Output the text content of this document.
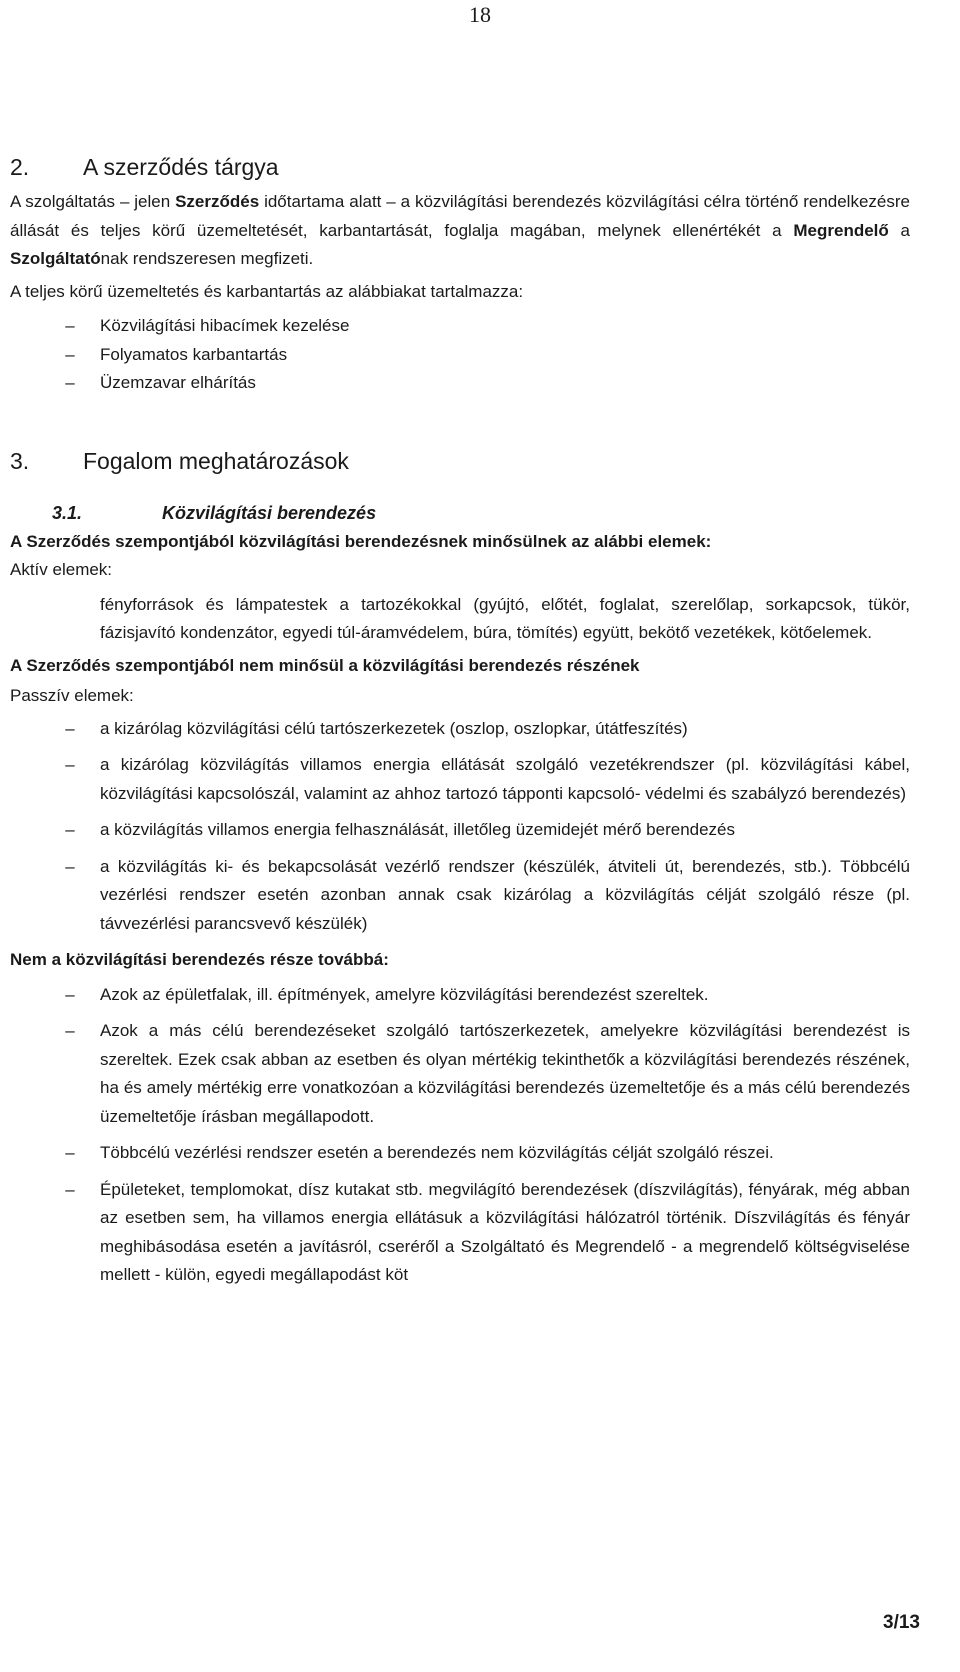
18
2.	A szerződés tárgya

A szolgáltatás – jelen Szerződés időtartama alatt – a közvilágítási berendezés közvilágítási célra történő rendelkezésre állását és teljes körű üzemeltetését, karbantartását, foglalja magában, melynek ellenértékét a Megrendelő a Szolgáltatónak rendszeresen megfizeti.

A teljes körű üzemeltetés és karbantartás az alábbiakat tartalmazza:

–	Közvilágítási hibacímek kezelése
–	Folyamatos karbantartás
–	Üzemzavar elhárítás
3.	Fogalom meghatározások
3.1.	Közvilágítási berendezés

A Szerződés szempontjából közvilágítási berendezésnek minősülnek az alábbi elemek:

Aktív elemek:

fényforrások és lámpatestek a tartozékokkal (gyújtó, előtét, foglalat, szerelőlap, sorkapcsok, tükör, fázisjavító kondenzátor, egyedi túl-áramvédelem, búra, tömítés) együtt, bekötő vezetékek, kötőelemek.

A Szerződés szempontjából nem minősül a közvilágítási berendezés részének

Passzív elemek:

–	a kizárólag közvilágítási célú tartószerkezetek (oszlop, oszlopkar, útátfeszítés)
–	a kizárólag közvilágítás villamos energia ellátását szolgáló vezetékrendszer (pl. közvilágítási kábel, közvilágítási kapcsolószál, valamint az ahhoz tartozó tápponti kapcsoló- védelmi és szabályzó berendezés)
–	a közvilágítás villamos energia felhasználását, illetőleg üzemidejét mérő berendezés
–	a közvilágítás ki- és bekapcsolását vezérlő rendszer (készülék, átviteli út, berendezés, stb.). Többcélú vezérlési rendszer esetén azonban annak csak kizárólag a közvilágítás célját szolgáló része (pl. távvezérlési parancsvevő készülék)

Nem a közvilágítási berendezés része továbbá:

–	Azok az épületfalak, ill. építmények, amelyre közvilágítási berendezést szereltek.
–	Azok a más célú berendezéseket szolgáló tartószerkezetek, amelyekre közvilágítási berendezést is szereltek. Ezek csak abban az esetben és olyan mértékig tekinthetők a közvilágítási berendezés részének, ha és amely mértékig erre vonatkozóan a közvilágítási berendezés üzemeltetője és a más célú berendezés üzemeltetője írásban megállapodott.
–	Többcélú vezérlési rendszer esetén a berendezés nem közvilágítás célját szolgáló részei.
–	Épületeket, templomokat, dísz kutakat stb. megvilágító berendezések (díszvilágítás), fényárak, még abban az esetben sem, ha villamos energia ellátásuk a közvilágítási hálózatról történik. Díszvilágítás és fényár meghibásodása esetén a javításról, cseréről a Szolgáltató és Megrendelő - a megrendelő költségviselése mellett - külön, egyedi megállapodást köt
3/13
